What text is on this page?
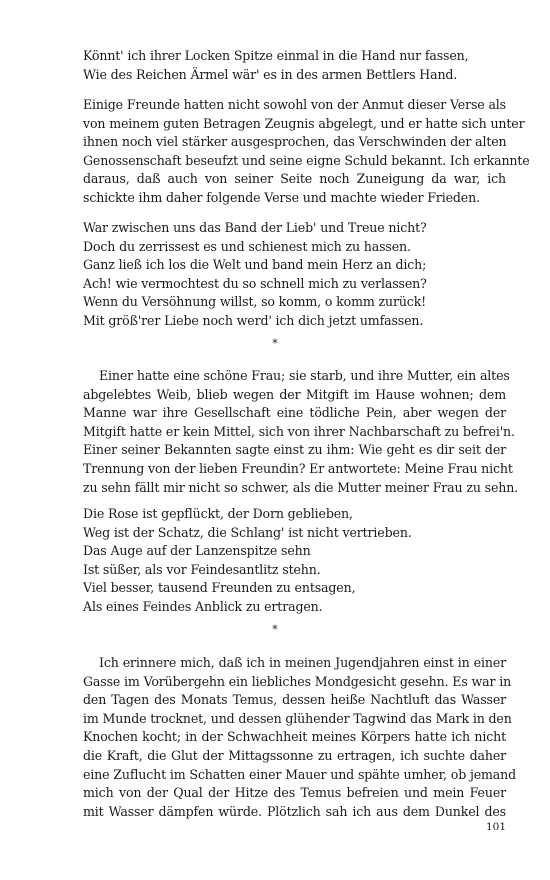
Könnt' ich ihrer Locken Spitze einmal in die Hand nur fassen,
Wie des Reichen Ärmel wär' es in des armen Bettlers Hand.
Einige Freunde hatten nicht sowohl von der Anmut dieser Verse als
von meinem guten Betragen Zeugnis abgelegt, und er hatte sich unter
ihnen noch viel stärker ausgesprochen, das Verschwinden der alten
Genossenschaft beseufzt und seine eigne Schuld bekannt. Ich erkannte
daraus, daß auch von seiner Seite noch Zuneigung da war, ich
schickte ihm daher folgende Verse und machte wieder Frieden.
War zwischen uns das Band der Lieb' und Treue nicht?
Doch du zerrissest es und schienest mich zu hassen.
Ganz ließ ich los die Welt und band mein Herz an dich;
Ach! wie vermochtest du so schnell mich zu verlassen?
Wenn du Versöhnung willst, so komm, o komm zurück!
Mit größ'rer Liebe noch werd' ich dich jetzt umfassen.
*
Einer hatte eine schöne Frau; sie starb, und ihre Mutter, ein altes
abgelebtes Weib, blieb wegen der Mitgift im Hause wohnen; dem
Manne war ihre Gesellschaft eine tödliche Pein, aber wegen der
Mitgift hatte er kein Mittel, sich von ihrer Nachbarschaft zu befrei'n.
Einer seiner Bekannten sagte einst zu ihm: Wie geht es dir seit der
Trennung von der lieben Freundin? Er antwortete: Meine Frau nicht
zu sehn fällt mir nicht so schwer, als die Mutter meiner Frau zu sehn.
Die Rose ist gepflückt, der Dorn geblieben,
Weg ist der Schatz, die Schlang' ist nicht vertrieben.
Das Auge auf der Lanzenspitze sehn
Ist süßer, als vor Feindesantlitz stehn.
Viel besser, tausend Freunden zu entsagen,
Als eines Feindes Anblick zu ertragen.
*
Ich erinnere mich, daß ich in meinen Jugendjahren einst in einer
Gasse im Vorübergehn ein liebliches Mondgesicht gesehn. Es war in
den Tagen des Monats Temus, dessen heiße Nachtluft das Wasser
im Munde trocknet, und dessen glühender Tagwind das Mark in den
Knochen kocht; in der Schwachheit meines Körpers hatte ich nicht
die Kraft, die Glut der Mittagssonne zu ertragen, ich suchte daher
eine Zuflucht im Schatten einer Mauer und spähte umher, ob jemand
mich von der Qual der Hitze des Temus befreien und mein Feuer
mit Wasser dämpfen würde. Plötzlich sah ich aus dem Dunkel des
101
